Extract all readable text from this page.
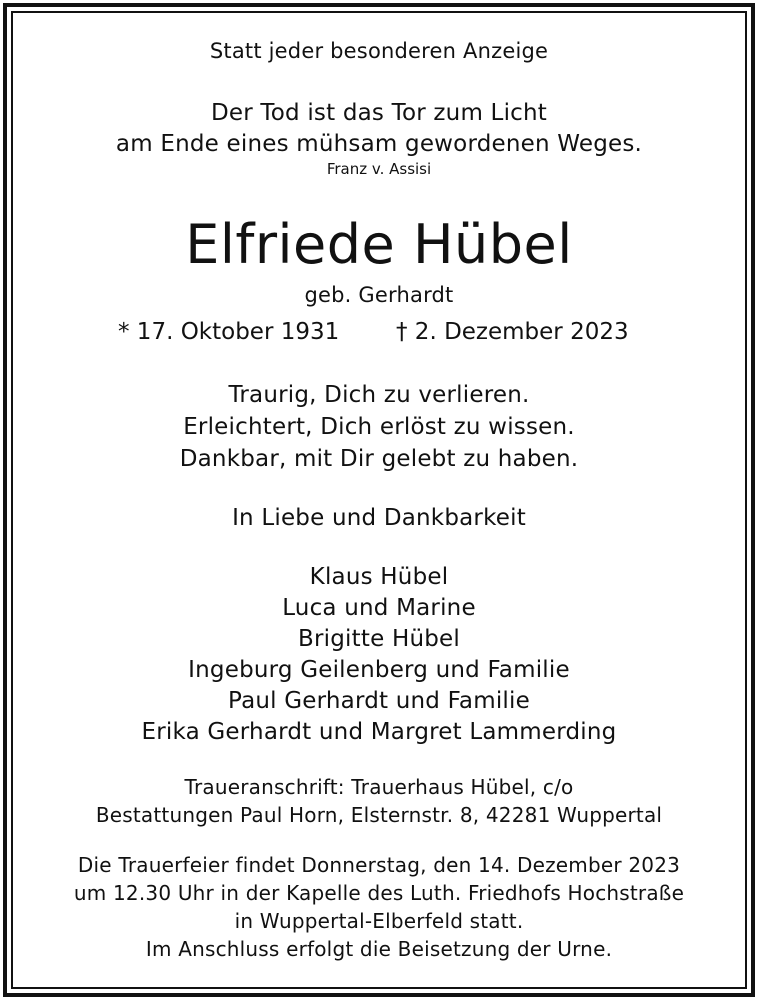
Statt jeder besonderen Anzeige
Der Tod ist das Tor zum Licht
am Ende eines mühsam gewordenen Weges.
Franz v. Assisi
Elfriede Hübel
geb. Gerhardt
* 17. Oktober 1931 † 2. Dezember 2023
Traurig, Dich zu verlieren.
Erleichtert, Dich erlöst zu wissen.
Dankbar, mit Dir gelebt zu haben.
In Liebe und Dankbarkeit
Klaus Hübel
Luca und Marine
Brigitte Hübel
Ingeburg Geilenberg und Familie
Paul Gerhardt und Familie
Erika Gerhardt und Margret Lammerding
Traueranschrift: Trauerhaus Hübel, c/o
Bestattungen Paul Horn, Elsternstr. 8, 42281 Wuppertal
Die Trauerfeier findet Donnerstag, den 14. Dezember 2023
um 12.30 Uhr in der Kapelle des Luth. Friedhofs Hochstraße
in Wuppertal-Elberfeld statt.
Im Anschluss erfolgt die Beisetzung der Urne.
